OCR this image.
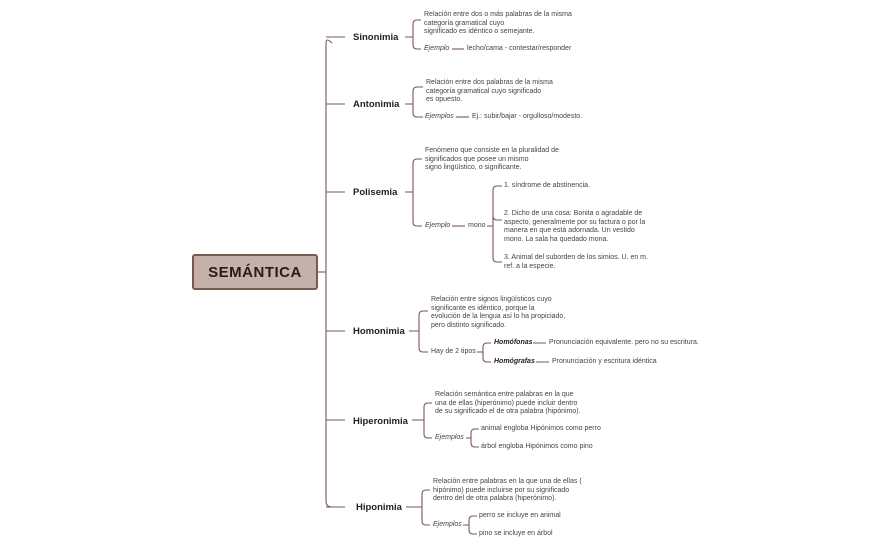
SEMÁNTICA
Sinonimia
Relación entre dos o más palabras de la misma
categoría gramatical cuyo
significado es idéntico o semejante.
Ejemplo	lecho/cama - contestar/responder
Antonimia
Relación entre dos palabras de la misma
categoría gramatical cuyo significado
es opuesto.
Ejemplos	Ej.: subir/bajar - orgulloso/modesto.
Polisemia
Fenómeno que consiste en la pluralidad de
significados que posee un mismo
signo lingüístico, o significante.
Ejemplo	mono
1. síndrome de abstinencia.
2. Dicho de una cosa: Bonita o agradable de
aspecto, generalmente por su factura o por la
manera en que está adornada. Un vestido
mono. La sala ha quedado mona.
3. Animal del suborden de los simios. U. en m.
ref. a la especie.
Homonimia
Relación entre signos lingüísticos cuyo
significante es idéntico, porque la
evolución de la lengua así lo ha propiciado,
pero distinto significado.
Hay de 2 tipos
Homófonas Pronunciación equivalente. pero no su escritura.
Homógrafas Pronunciación y escritura idéntica
Hiperonimia
Relación semántica entre palabras en la que
una de ellas (hiperónimo) puede incluir dentro
de su significado el de otra palabra (hipónimo).
Ejemplos
animal engloba Hipónimos como perro
árbol engloba Hipónimos como pino
Hiponimia
Relación entre palabras en la que una de ellas (
hipónimo) puede incluirse por su significado
dentro del de otra palabra (hiperónimo).
Ejemplos
perro se incluye en animal
pino se incluye en árbol
